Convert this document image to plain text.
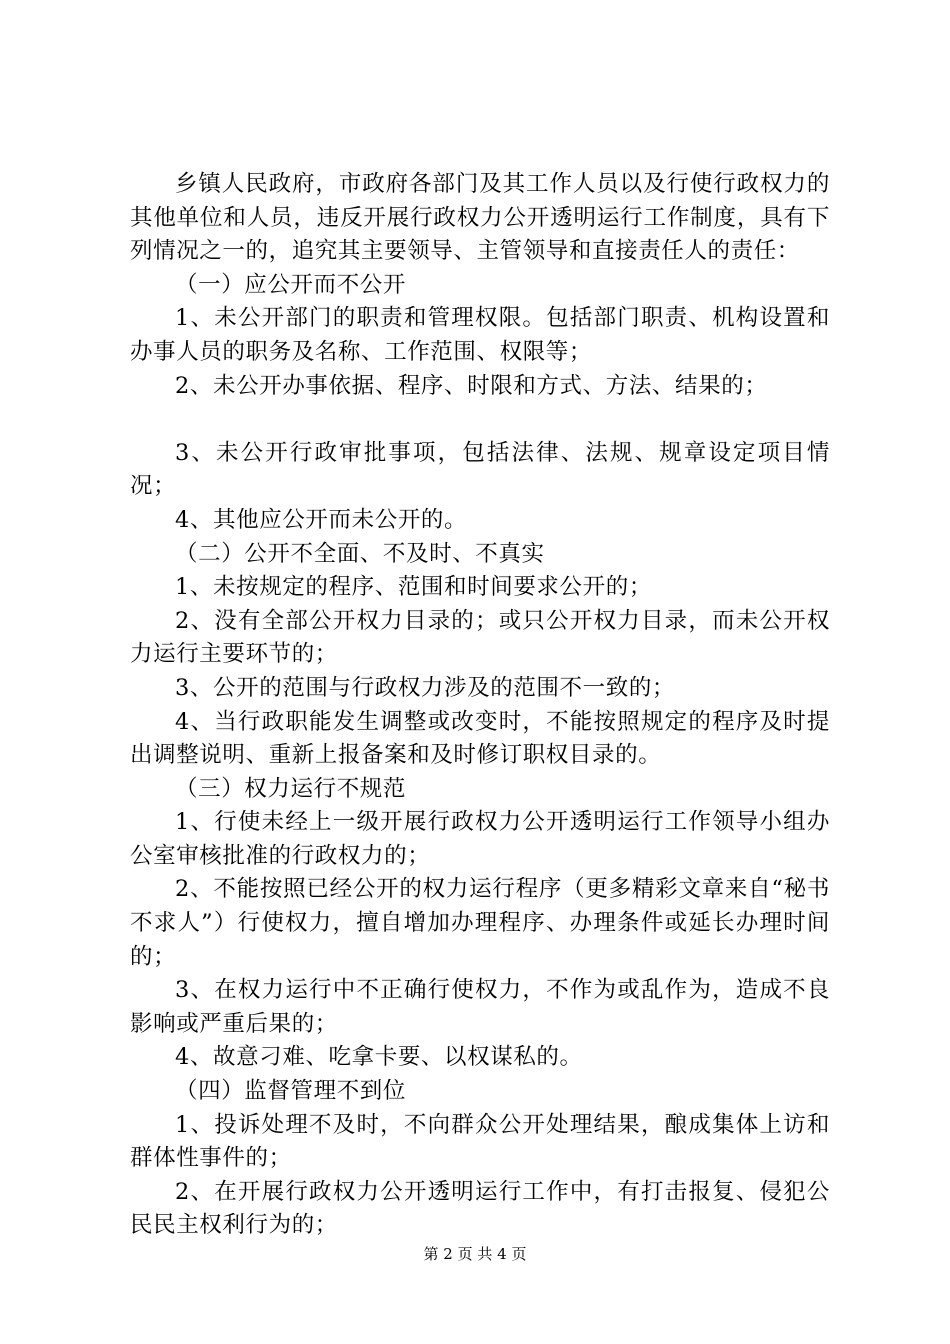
乡镇人民政府，市政府各部门及其工作人员以及行使行政权力的其他单位和人员，违反开展行政权力公开透明运行工作制度，具有下列情况之一的，追究其主要领导、主管领导和直接责任人的责任：

（一）应公开而不公开

1、未公开部门的职责和管理权限。包括部门职责、机构设置和办事人员的职务及名称、工作范围、权限等；

2、未公开办事依据、程序、时限和方式、方法、结果的；

3、未公开行政审批事项，包括法律、法规、规章设定项目情况；

4、其他应公开而未公开的。

（二）公开不全面、不及时、不真实

1、未按规定的程序、范围和时间要求公开的；

2、没有全部公开权力目录的；或只公开权力目录，而未公开权力运行主要环节的；

3、公开的范围与行政权力涉及的范围不一致的；

4、当行政职能发生调整或改变时，不能按照规定的程序及时提出调整说明、重新上报备案和及时修订职权目录的。

（三）权力运行不规范

1、行使未经上一级开展行政权力公开透明运行工作领导小组办公室审核批准的行政权力的；

2、不能按照已经公开的权力运行程序（更多精彩文章来自“秘书不求人”）行使权力，擅自增加办理程序、办理条件或延长办理时间的；

3、在权力运行中不正确行使权力，不作为或乱作为，造成不良影响或严重后果的；

4、故意刁难、吃拿卡要、以权谋私的。

（四）监督管理不到位

1、投诉处理不及时，不向群众公开处理结果，酿成集体上访和群体性事件的；

2、在开展行政权力公开透明运行工作中，有打击报复、侵犯公民民主权利行为的；

第 2 页 共 4 页
